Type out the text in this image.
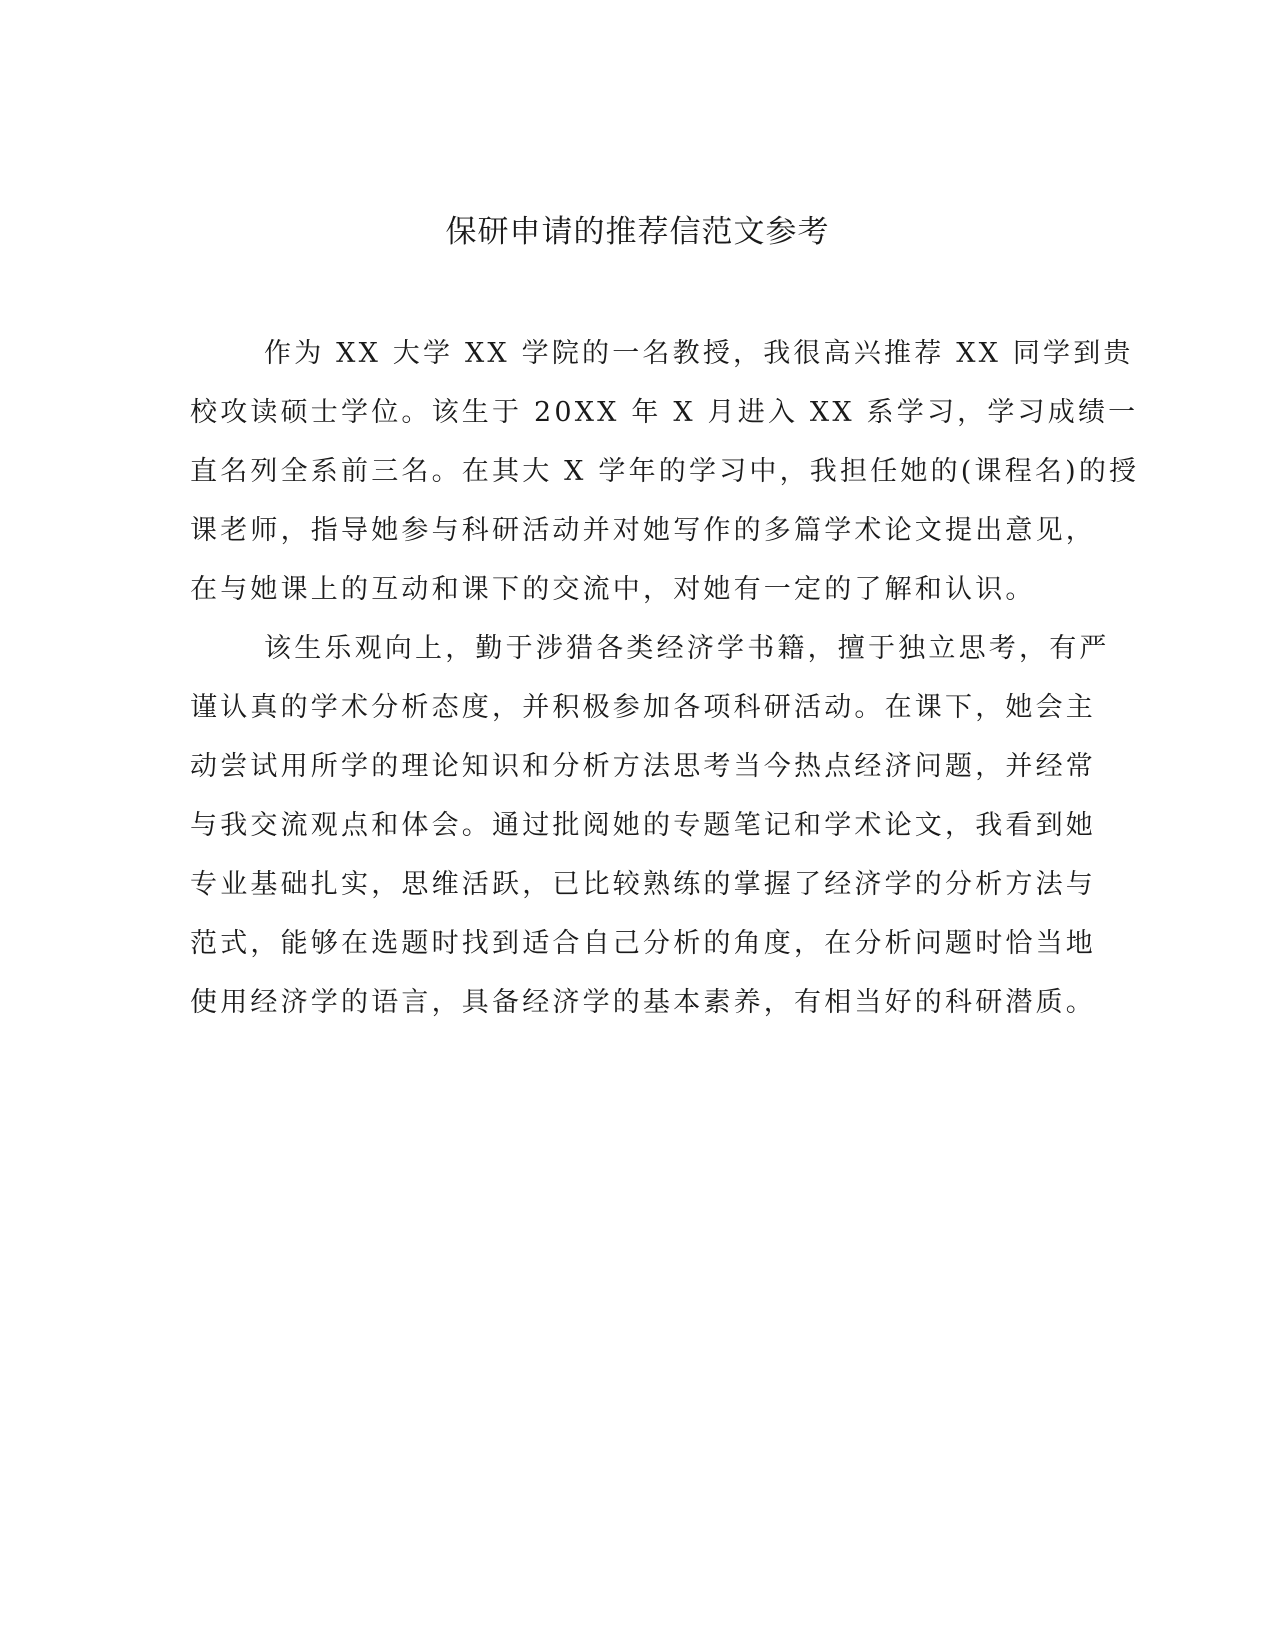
保研申请的推荐信范文参考
作为 XX 大学 XX 学院的一名教授，我很高兴推荐 XX 同学到贵
校攻读硕士学位。该生于 20XX 年 X 月进入 XX 系学习，学习成绩一
直名列全系前三名。在其大 X 学年的学习中，我担任她的(课程名)的授
课老师，指导她参与科研活动并对她写作的多篇学术论文提出意见，
在与她课上的互动和课下的交流中，对她有一定的了解和认识。
该生乐观向上，勤于涉猎各类经济学书籍，擅于独立思考，有严
谨认真的学术分析态度，并积极参加各项科研活动。在课下，她会主
动尝试用所学的理论知识和分析方法思考当今热点经济问题，并经常
与我交流观点和体会。通过批阅她的专题笔记和学术论文，我看到她
专业基础扎实，思维活跃，已比较熟练的掌握了经济学的分析方法与
范式，能够在选题时找到适合自己分析的角度，在分析问题时恰当地
使用经济学的语言，具备经济学的基本素养，有相当好的科研潜质。
